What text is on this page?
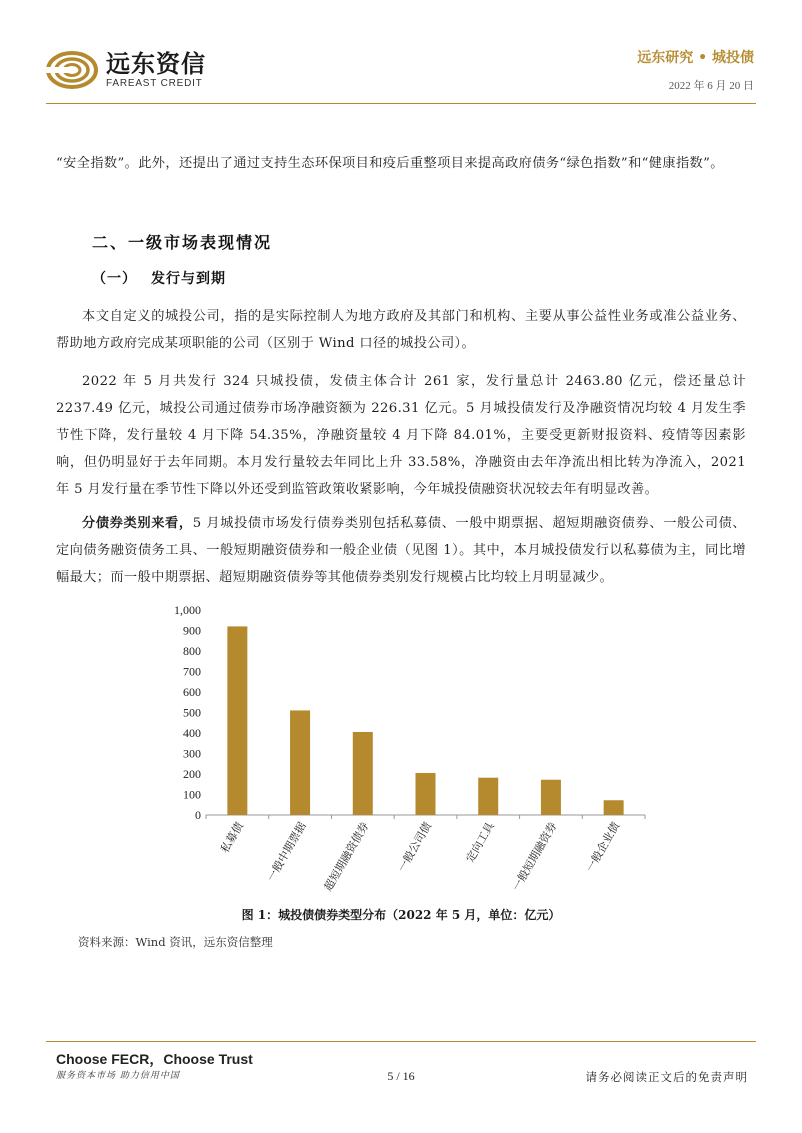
远东资信
FAREAST CREDIT
远东研究 • 城投债
2022 年 6 月 20 日

“安全指数”。此外，还提出了通过支持生态环保项目和疫后重整项目来提高政府债务“绿色指数”和“健康指数”。

二、一级市场表现情况
（一） 发行与到期

本文自定义的城投公司，指的是实际控制人为地方政府及其部门和机构、主要从事公益性业务或准公益业务、帮助地方政府完成某项职能的公司（区别于 Wind 口径的城投公司）。

2022 年 5 月共发行 324 只城投债，发债主体合计 261 家，发行量总计 2463.80 亿元，偿还量总计 2237.49 亿元，城投公司通过债券市场净融资额为 226.31 亿元。5 月城投债发行及净融资情况均较 4 月发生季节性下降，发行量较 4 月下降 54.35%，净融资量较 4 月下降 84.01%，主要受更新财报资料、疫情等因素影响，但仍明显好于去年同期。本月发行量较去年同比上升 33.58%，净融资由去年净流出相比转为净流入，2021 年 5 月发行量在季节性下降以外还受到监管政策收紧影响，今年城投债融资状况较去年有明显改善。

分债券类别来看，5 月城投债市场发行债券类别包括私募债、一般中期票据、超短期融资债券、一般公司债、定向债务融资债务工具、一般短期融资债券和一般企业债（见图 1）。其中，本月城投债发行以私募债为主，同比增幅最大；而一般中期票据、超短期融资债券等其他债券类别发行规模占比均较上月明显减少。

0
100
200
300
400
500
600
700
800
900
1,000
私募债 一般中期票据 超短期融资债券 一般公司债	定向工具 一般短期融资券 一般企业债
图 1：城投债债券类型分布（2022 年 5 月，单位：亿元）
资料来源：Wind 资讯，远东资信整理
Choose FECR，Choose Trust
服务资本市场 助力信用中国	5 / 16	请务必阅读正文后的免责声明
